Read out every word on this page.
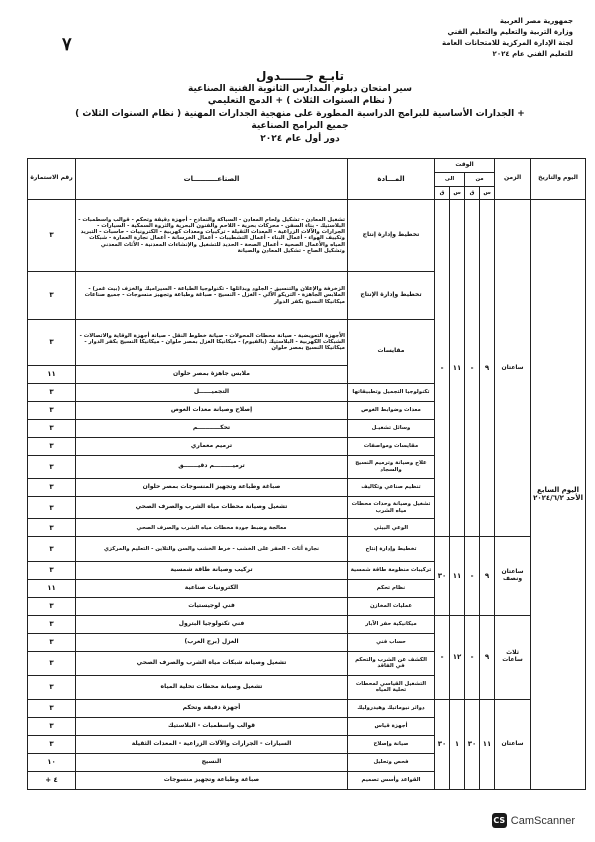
جمهورية مصر العربية
وزارة التربية والتعليم والتعليم الفني
لجنة الإدارة المركزية للامتحانات العامة
للتعليم الفني عام ٢٠٢٤
٧
تابـع جــــــدول
سير امتحان دبلوم المدارس الثانوية الفنية الصناعية
( نظام السنوات الثلاث ) + الدمج التعليمي
+ الجدارات الأساسية للبرامج الدراسية المطورة على منهجية الجدارات المهنية ( نظام السنوات الثلاث )
جميع البرامج الصناعية
دور أول عام ٢٠٢٤
اليوم والتاريخ	الزمن	الوقت				المـــادة	الصناعــــــــــات	رقم الاستمارة
		من		الى				
		س	ق	س	ق			
اليوم السابع الأحد ٢٠٢٤/٦/٢	ساعتان	٩	-	١١	-	تخطيط وإدارة إنتاج	تشغيل المعادن - تشكيل ولحام المعادن - السباكة والنماذج - أجهزة دقيقة وتحكم - قوالب واسطمبات - البلاستيك - بناء السفن - محركات بحرية - اللاحم والفنون البحرية والثروة السمكية - السيارات - الجرارات والآلات الزراعية - المعدات الثقيلة - تركيبات ومعدات كهربية - الكترونيات - حاسبات - التبريد وتكييف الهواء - أعمال البناء - أعمال التشطيبات - أعمال الخرسانة - أعمال نجارة العمارة - شبكات المياه والأعمال الصحية - أعمال الصحة - الحديد للتشغيل والإنشاءات المعدنية - الأثاث المعدني وتشكيل الصاج - تشكيل المعادن والصيانة	٣
						تخطيط وإدارة الإنتاج	الزخرفة والإعلان والتنسيق - الجلود وبدائلها - تكنولوجيا الطباعة - السيراميك والخزف (بيت غمر) - الملابس الجاهزة - التريكو الآلي - الغزل - النسيج - صباغة وطباعة وتجهيز منسوجات - جميع صناعات ميكانيكا النسيج بكفر الدوار	٣
						مقايسات	الأجهزة التعويضية - صيانة محطات المحولات - صيانة خطوط النقل - صيانة أجهزة الوقاية والاتصالات - الشبكات الكهربية - البلاستيك (بالفيوم) - ميكانيكا الغزل بمصر حلوان - ميكانيكا النسيج بكفر الدوار - ميكانيكا النسيج بمصر حلوان	٣
							ملابس جاهزة بمصر حلوان	١١
						تكنولوجيا التجميل وتطبيقاتها	التجميــــــل	٣
						معدات وضوابط الغوص	إصلاح وصيانة معدات الغوص	٣
						وسائل تشغيـل	تحكـــــــــــم	٣
						مقايسات ومواصفات	ترميم معماري	٣
						علاج وصيانة وترميم النسيج والسجاد	ترميـــــــــم دقيـــــــق	٣
						تنظيم صناعي وتكاليف	صباغة وطباعة وتجهيز المنسوجات بمصر حلوان	٣
						تشغيل وصيانة وحدات محطات مياه الشرب	تشغيل وصيانة محطات مياه الشرب والصرف الصحي	٣
						الوعي البيئي	معالجة وضبط جودة محطات مياه الشرب والصرف الصحي	٣
	ساعتان ونصف	٩	-	١١	٣٠	تخطيط وإدارة إنتاج	نجارة أثاث - الحفر على الخشب - خرط الخشب والسن والتلاين - التعليم والمركزي	٣
						تركيبات منظومة طاقة شمسية	تركيب وصيانة طاقة شمسية	٣
						نظام تحكم	الكترونيات صناعية	١١
						عمليات المخازن	فني لوجيستيات	٣
	ثلاث ساعات	٩	-	١٢	-	ميكانيكية حفر الآبار	فني تكنولوجيا البترول	٣
						حساب فني	الغزل (برج العرب)	٣
						الكشف عن الشرب والتحكم في الفاقد	تشغيل وصيانة شبكات مياه الشرب والصرف الصحي	٣
						التشغيل القياسي لمحطات تحلية المياه	تشغيل وصيانة محطات تحلية المياه	٣
	ساعتان	١١	٣٠	١	٣٠	دوائر نيوماتيك وهيدروليك	أجهزة دقيقة وتحكم	٣
						أجهزة قياس	قوالب واسطمبات - البلاستيك	٣
						صيانة وإصلاح	السيارات - الجرارات والآلات الزراعية - المعدات الثقيلة	٣
						فحص وتحليل	النسيج	١٠
						القواعد وأسس تصميم	صباغة وطباعة وتجهيز منسوجات	٤ +
CS CamScanner
